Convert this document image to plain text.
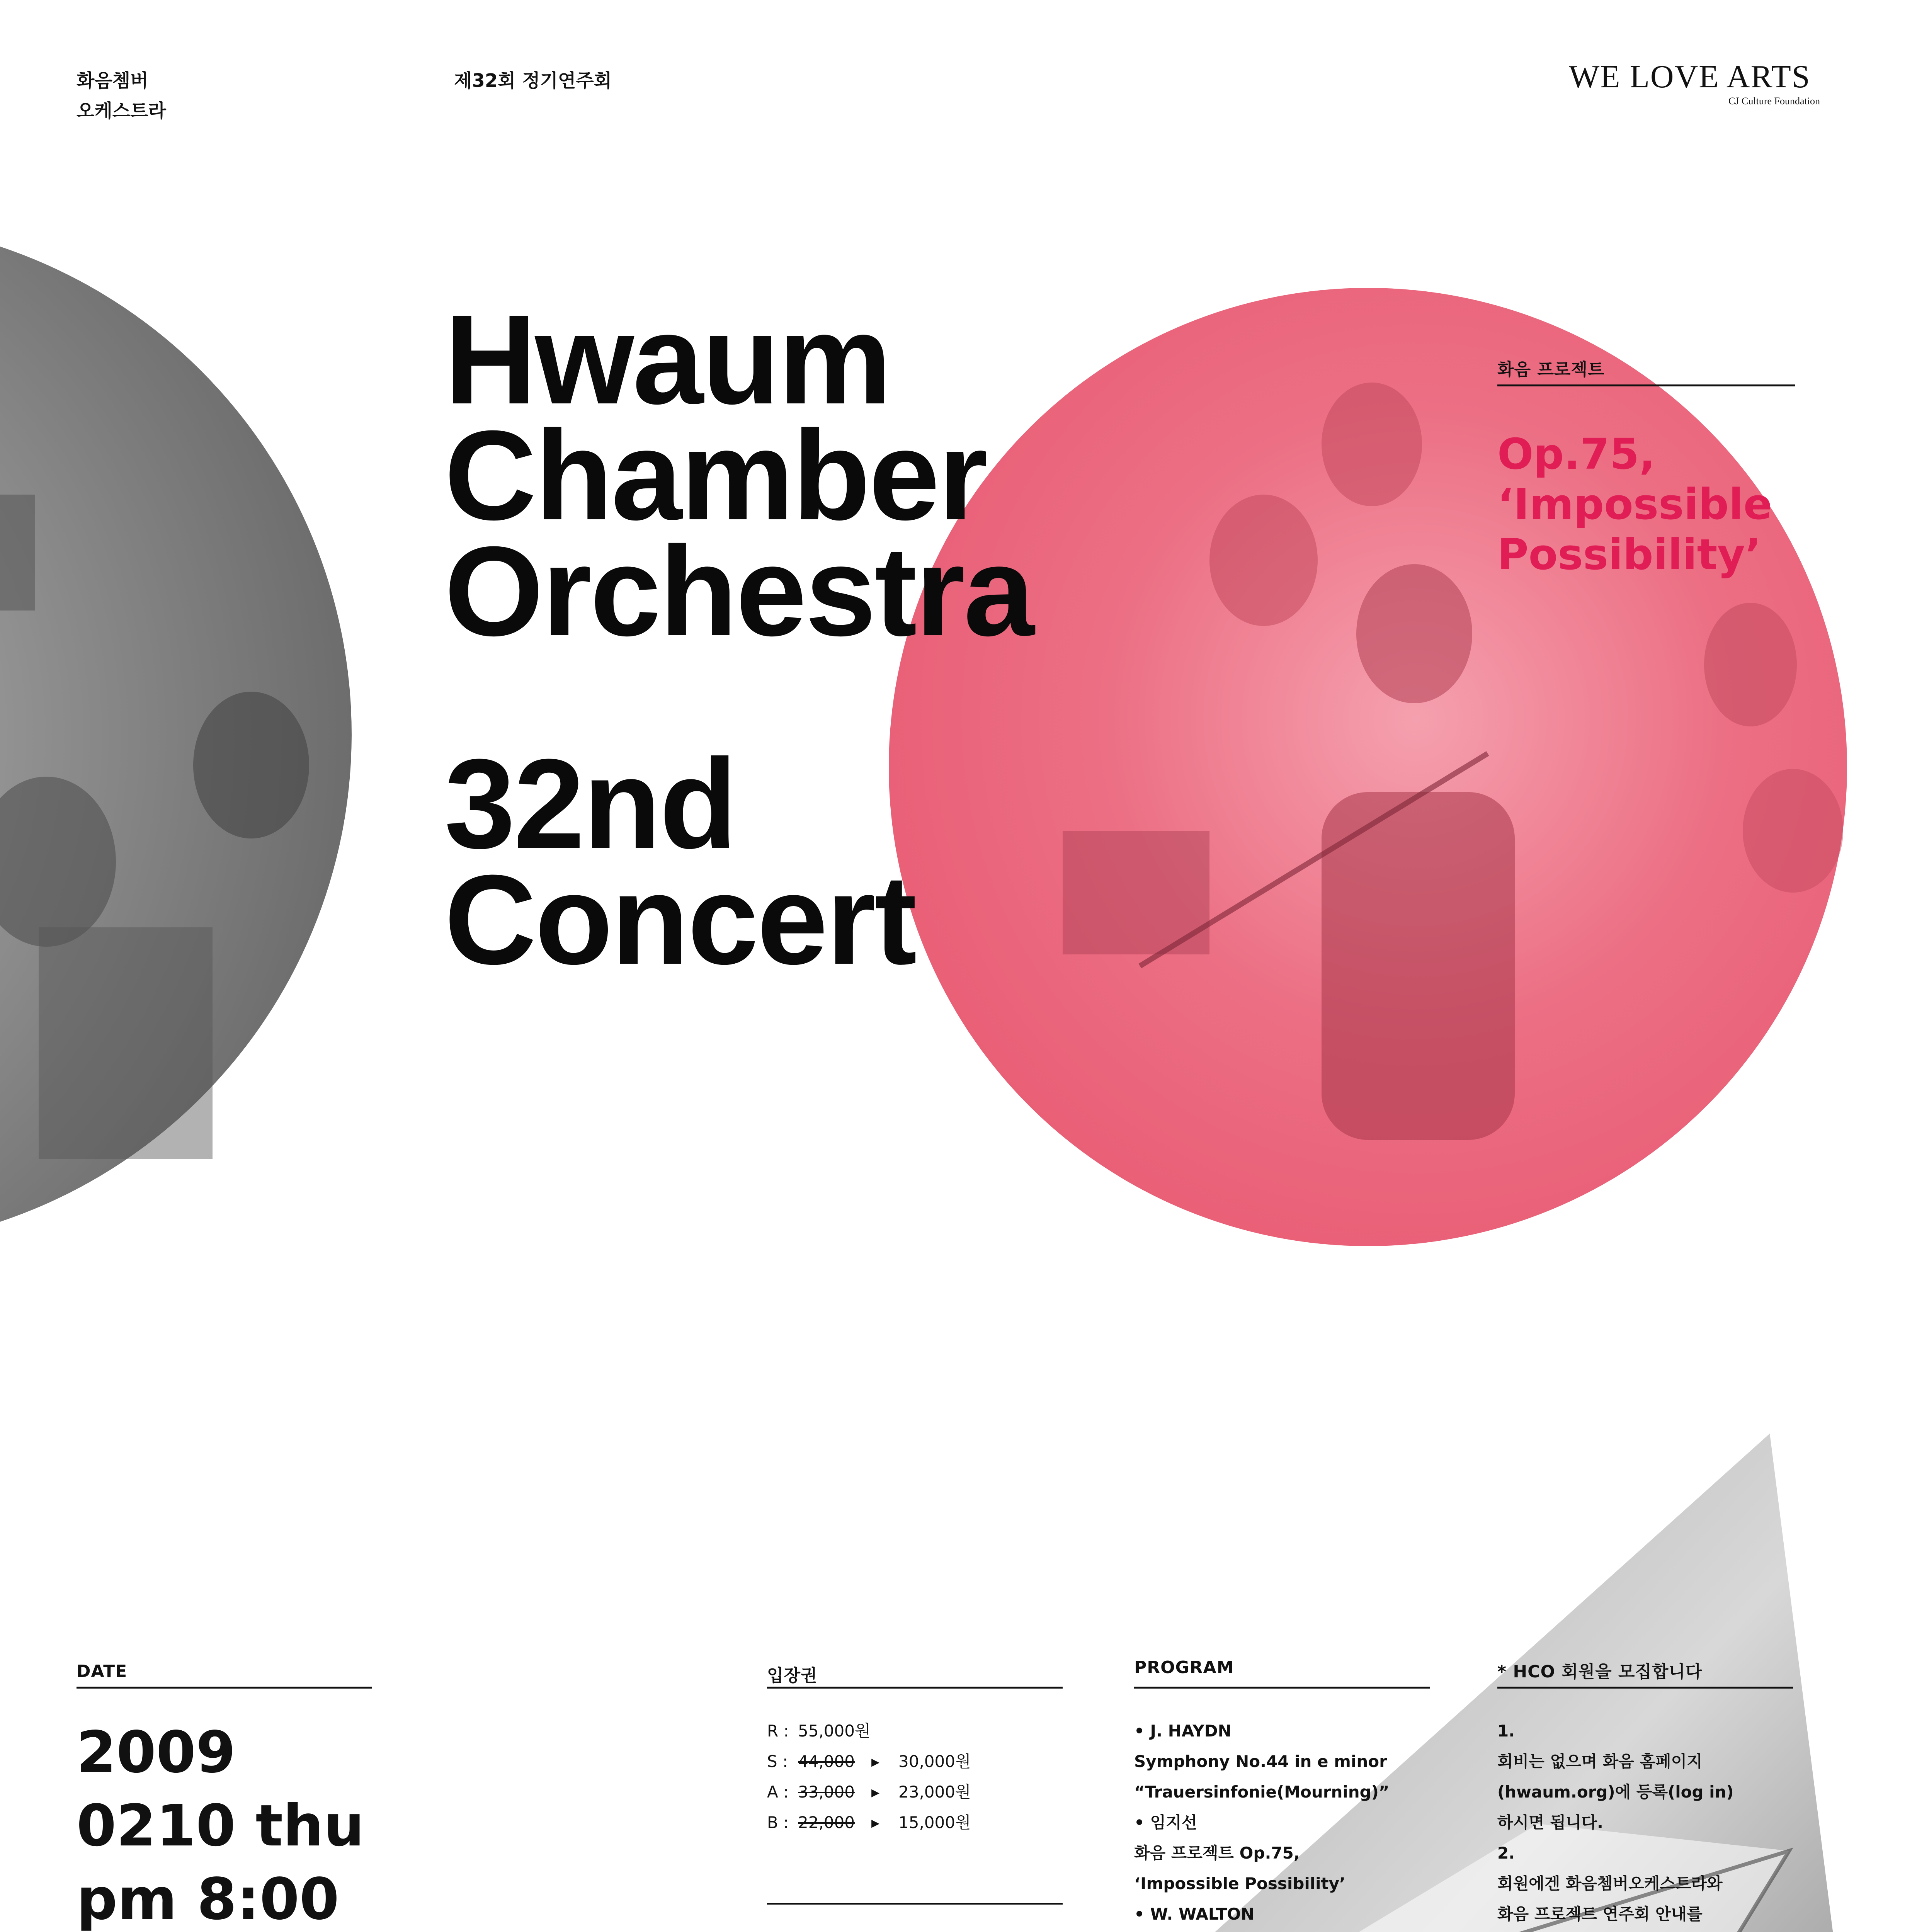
화음쳄버
오케스트라
제32회 정기연주회	WE LOVE ARTS
CJ Culture Foundation
Hwaum
Chamber
Orchestra
32nd
Concert
화음 프로젝트
Op.75,
‘Impossible
Possibility’
DATE
2009
0210 thu
pm 8:00
입장권
R : 55,000원
S : 44,000 ▸ 30,000원
A : 33,000 ▸ 23,000원
B : 22,000 ▸ 15,000원
PROGRAM
• J. HAYDN
Symphony No.44 in e minor
“Trauersinfonie(Mourning)”
• 임지선
화음 프로젝트 Op.75,
‘Impossible Possibility’
• W. WALTON
* HCO 회원을 모집합니다
1.
회비는 없으며 화음 홈페이지
(hwaum.org)에 등록(log in)
하시면 됩니다.
2.
회원에겐 화음쳄버오케스트라와
화음 프로젝트 연주회 안내를
